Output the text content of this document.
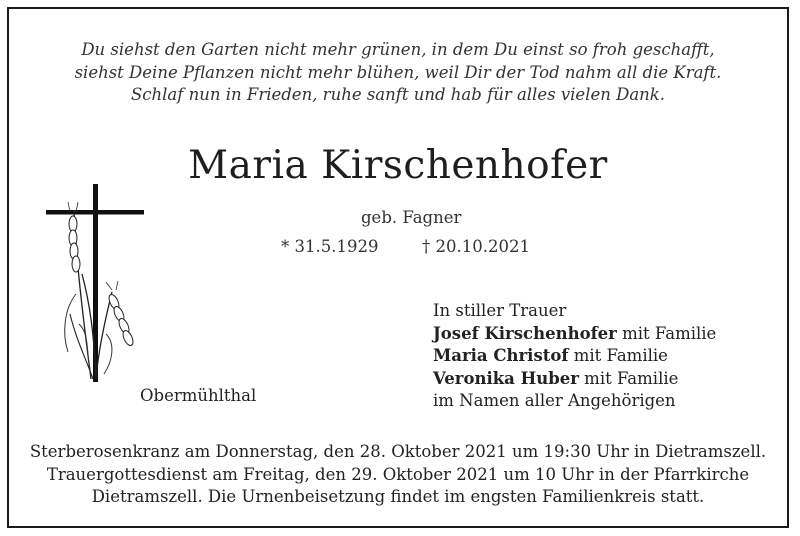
Du siehst den Garten nicht mehr grünen, in dem Du einst so froh geschafft,
siehst Deine Pflanzen nicht mehr blühen, weil Dir der Tod nahm all die Kraft.
Schlaf nun in Frieden, ruhe sanft und hab für alles vielen Dank.
Maria Kirschenhofer
geb. Fagner
* 31.5.1929	† 20.10.2021
Obermühlthal
In stiller Trauer
Josef Kirschenhofer mit Familie
Maria Christof mit Familie
Veronika Huber mit Familie
im Namen aller Angehörigen
Sterberosenkranz am Donnerstag, den 28. Oktober 2021 um 19:30 Uhr in Dietramszell.
Trauergottesdienst am Freitag, den 29. Oktober 2021 um 10 Uhr in der Pfarrkirche
Dietramszell. Die Urnenbeisetzung findet im engsten Familienkreis statt.
